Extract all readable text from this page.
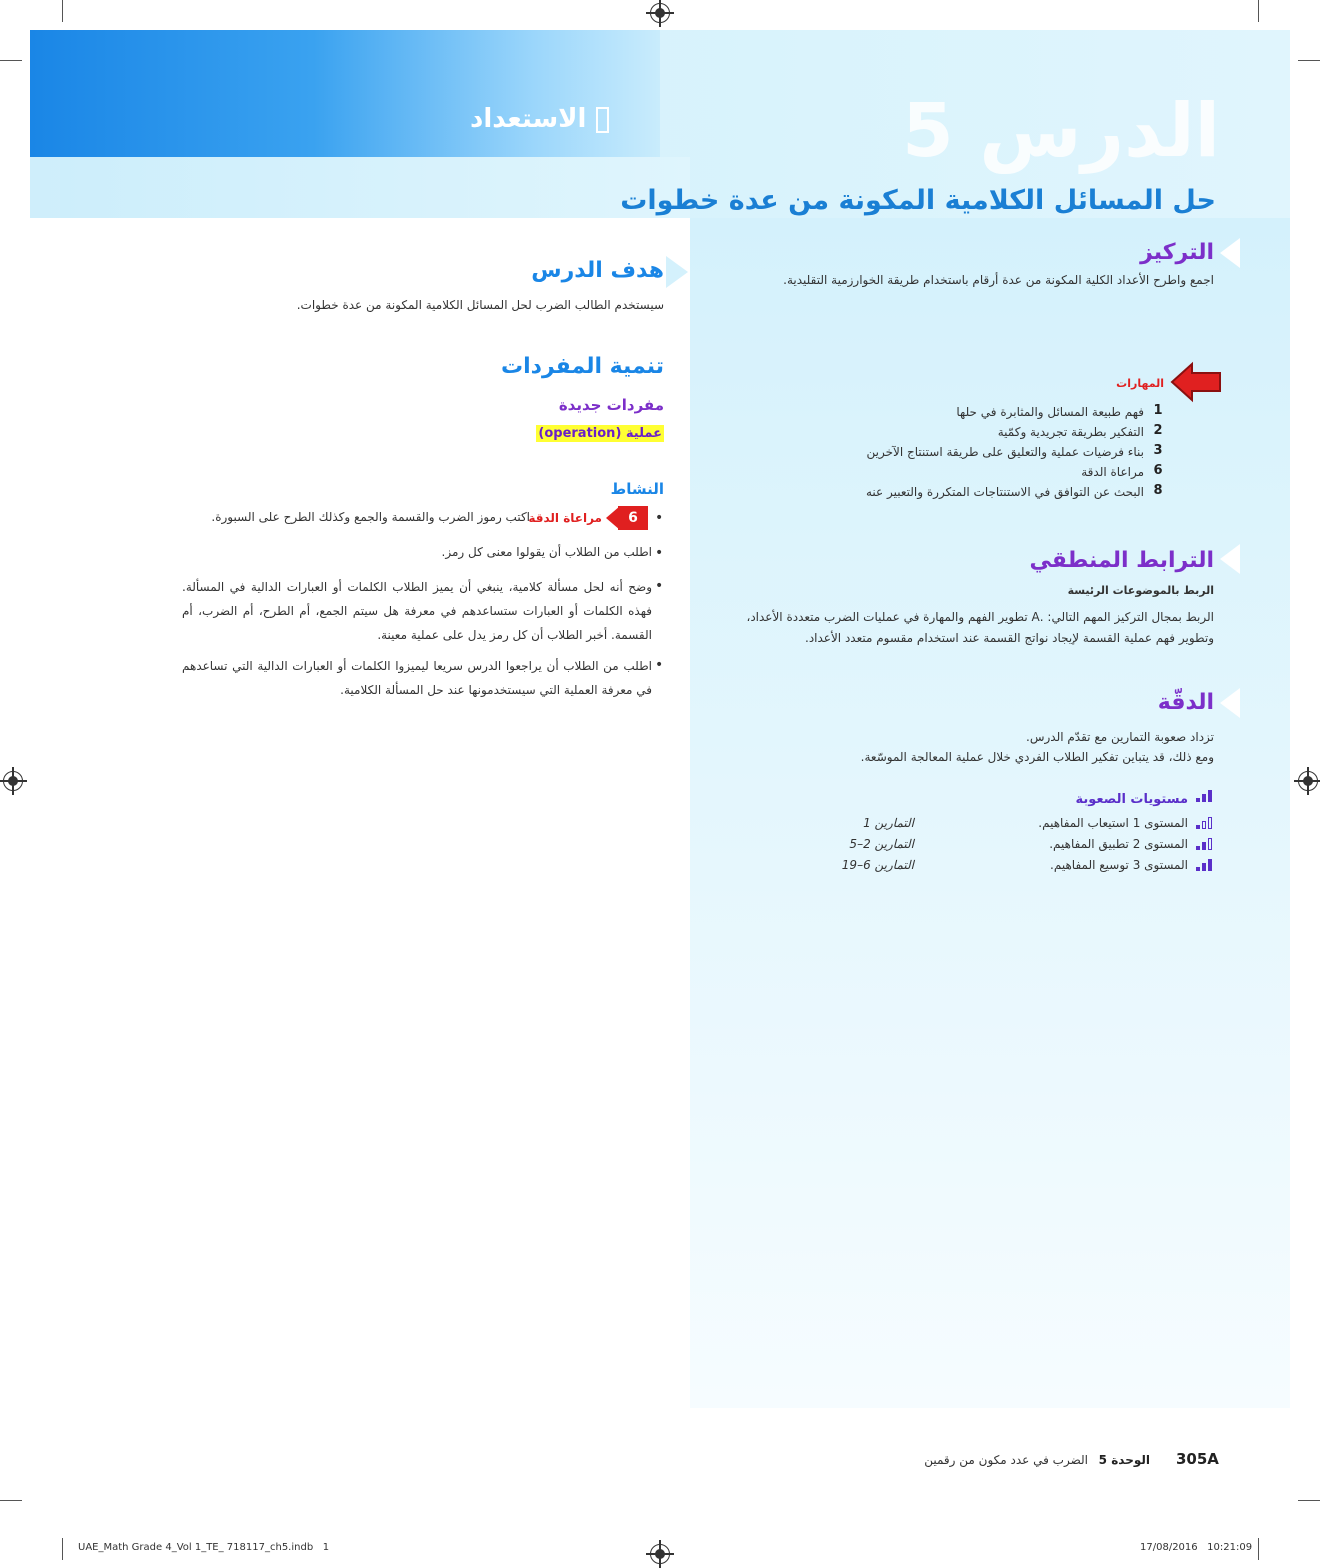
الدرس 5
الاستعداد
حل المسائل الكلامية المكونة من عدة خطوات
هدف الدرس
سيستخدم الطالب الضرب لحل المسائل الكلامية المكونة من عدة خطوات.
تنمية المفردات
مفردات جديدة
عملية (operation)
النشاط
•
6
مراعاة الدقة
اكتب رموز الضرب والقسمة والجمع وكذلك الطرح على السبورة.
•
اطلب من الطلاب أن يقولوا معنى كل رمز.
•
وضح أنه لحل مسألة كلامية، ينبغي أن يميز الطلاب الكلمات أو العبارات الدالية في المسألة. فهذه الكلمات أو العبارات ستساعدهم في معرفة هل سيتم الجمع، أم الطرح، أم الضرب، أم القسمة. أخبر الطلاب أن كل رمز يدل على عملية معينة.
•
اطلب من الطلاب أن يراجعوا الدرس سريعا ليميزوا الكلمات أو العبارات الدالية التي تساعدهم في معرفة العملية التي سيستخدمونها عند حل المسألة الكلامية.
التركيز
اجمع واطرح الأعداد الكلية المكونة من عدة أرقام باستخدام طريقة الخوارزمية التقليدية.
المهارات
1
فهم طبيعة المسائل والمثابرة في حلها
2
التفكير بطريقة تجريدية وكمّية
3
بناء فرضيات عملية والتعليق على طريقة استنتاج الآخرين
6
مراعاة الدقة
8
البحث عن التوافق في الاستنتاجات المتكررة والتعبير عنه
الترابط المنطقي
الربط بالموضوعات الرئيسة
الربط بمجال التركيز المهم التالي: .A تطوير الفهم والمهارة في عمليات الضرب متعددة الأعداد،
وتطوير فهم عملية القسمة لإيجاد نواتج القسمة عند استخدام مقسوم متعدد الأعداد.
الدقّة
تزداد صعوبة التمارين مع تقدّم الدرس.
ومع ذلك، قد يتباين تفكير الطلاب الفردي خلال عملية المعالجة الموسّعة.
مستويات الصعوبة
المستوى 1 استيعاب المفاهيم.
التمارين 1
المستوى 2 تطبيق المفاهيم.
التمارين 2–5
المستوى 3 توسيع المفاهيم.
التمارين 6–19
305A
الوحدة 5
الضرب في عدد مكون من رقمين
UAE_Math Grade 4_Vol 1_TE_ 718117_ch5.indb   1	17/08/2016   10:21:09
